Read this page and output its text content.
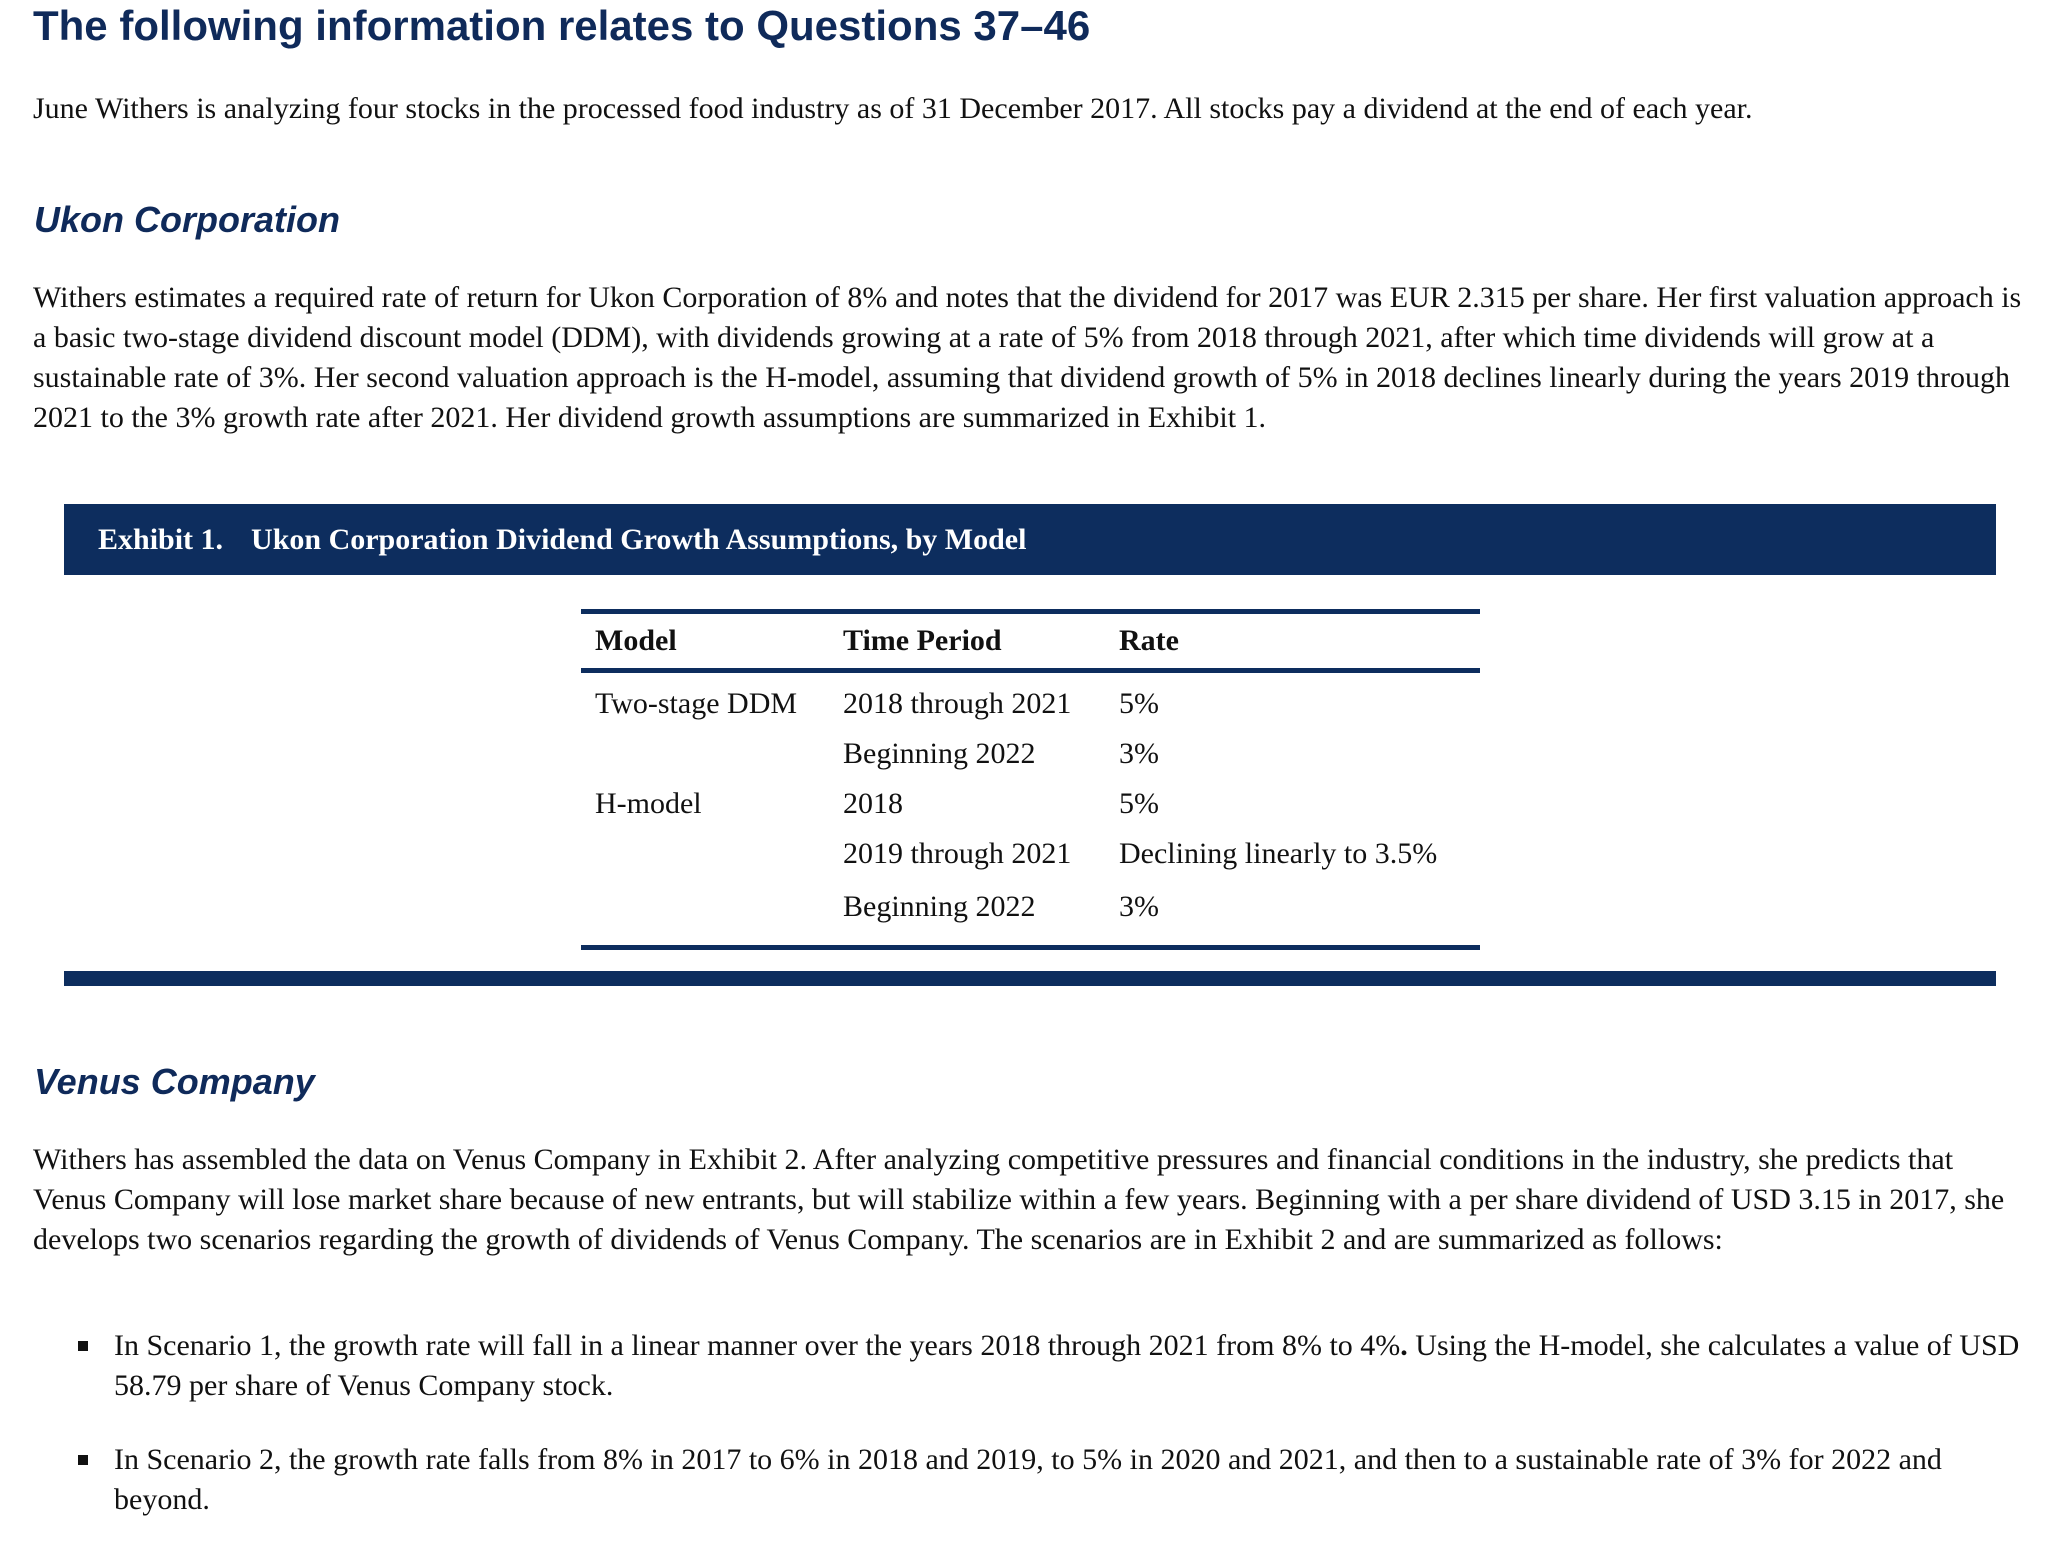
The following information relates to Questions 37–46

June Withers is analyzing four stocks in the processed food industry as of 31 December 2017. All stocks pay a dividend at the end of each year.

Ukon Corporation

Withers estimates a required rate of return for Ukon Corporation of 8% and notes that the dividend for 2017 was EUR 2.315 per share. Her first valuation approach is a basic two-stage dividend discount model (DDM), with dividends growing at a rate of 5% from 2018 through 2021, after which time dividends will grow at a sustainable rate of 3%. Her second valuation approach is the H-model, assuming that dividend growth of 5% in 2018 declines linearly during the years 2019 through 2021 to the 3% growth rate after 2021. Her dividend growth assumptions are summarized in Exhibit 1.

Exhibit 1. Ukon Corporation Dividend Growth Assumptions, by Model
Model	Time Period	Rate
Two-stage DDM	2018 through 2021	5%
	Beginning 2022	3%
H-model	2018	5%
	2019 through 2021	Declining linearly to 3.5%
	Beginning 2022	3%
Venus Company

Withers has assembled the data on Venus Company in Exhibit 2. After analyzing competitive pressures and financial conditions in the industry, she predicts that Venus Company will lose market share because of new entrants, but will stabilize within a few years. Beginning with a per share dividend of USD 3.15 in 2017, she develops two scenarios regarding the growth of dividends of Venus Company. The scenarios are in Exhibit 2 and are summarized as follows:

In Scenario 1, the growth rate will fall in a linear manner over the years 2018 through 2021 from 8% to 4%. Using the H-model, she calculates a value of USD 58.79 per share of Venus Company stock.
In Scenario 2, the growth rate falls from 8% in 2017 to 6% in 2018 and 2019, to 5% in 2020 and 2021, and then to a sustainable rate of 3% for 2022 and beyond.
